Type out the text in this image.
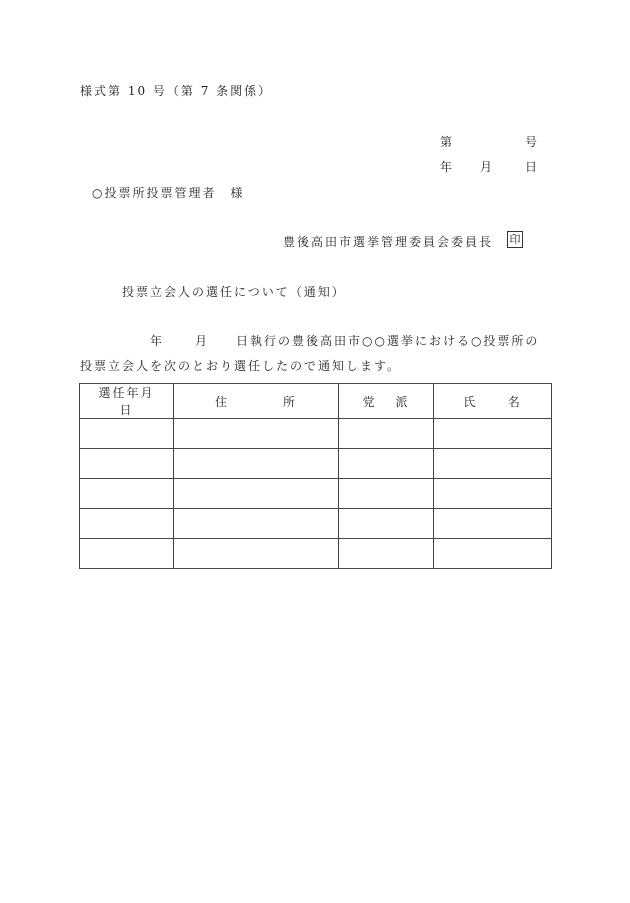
様式第 10 号（第 7 条関係）
第	号
年 月	日
○投票所投票管理者　様
豊後高田市選挙管理委員会委員長 印
投票立会人の選任について（通知）
年	月 日執行の豊後高田市○○選挙における○投票所の
投票立会人を次のとおり選任したので通知します。
選任年月日	住 所	党 派	氏 名
